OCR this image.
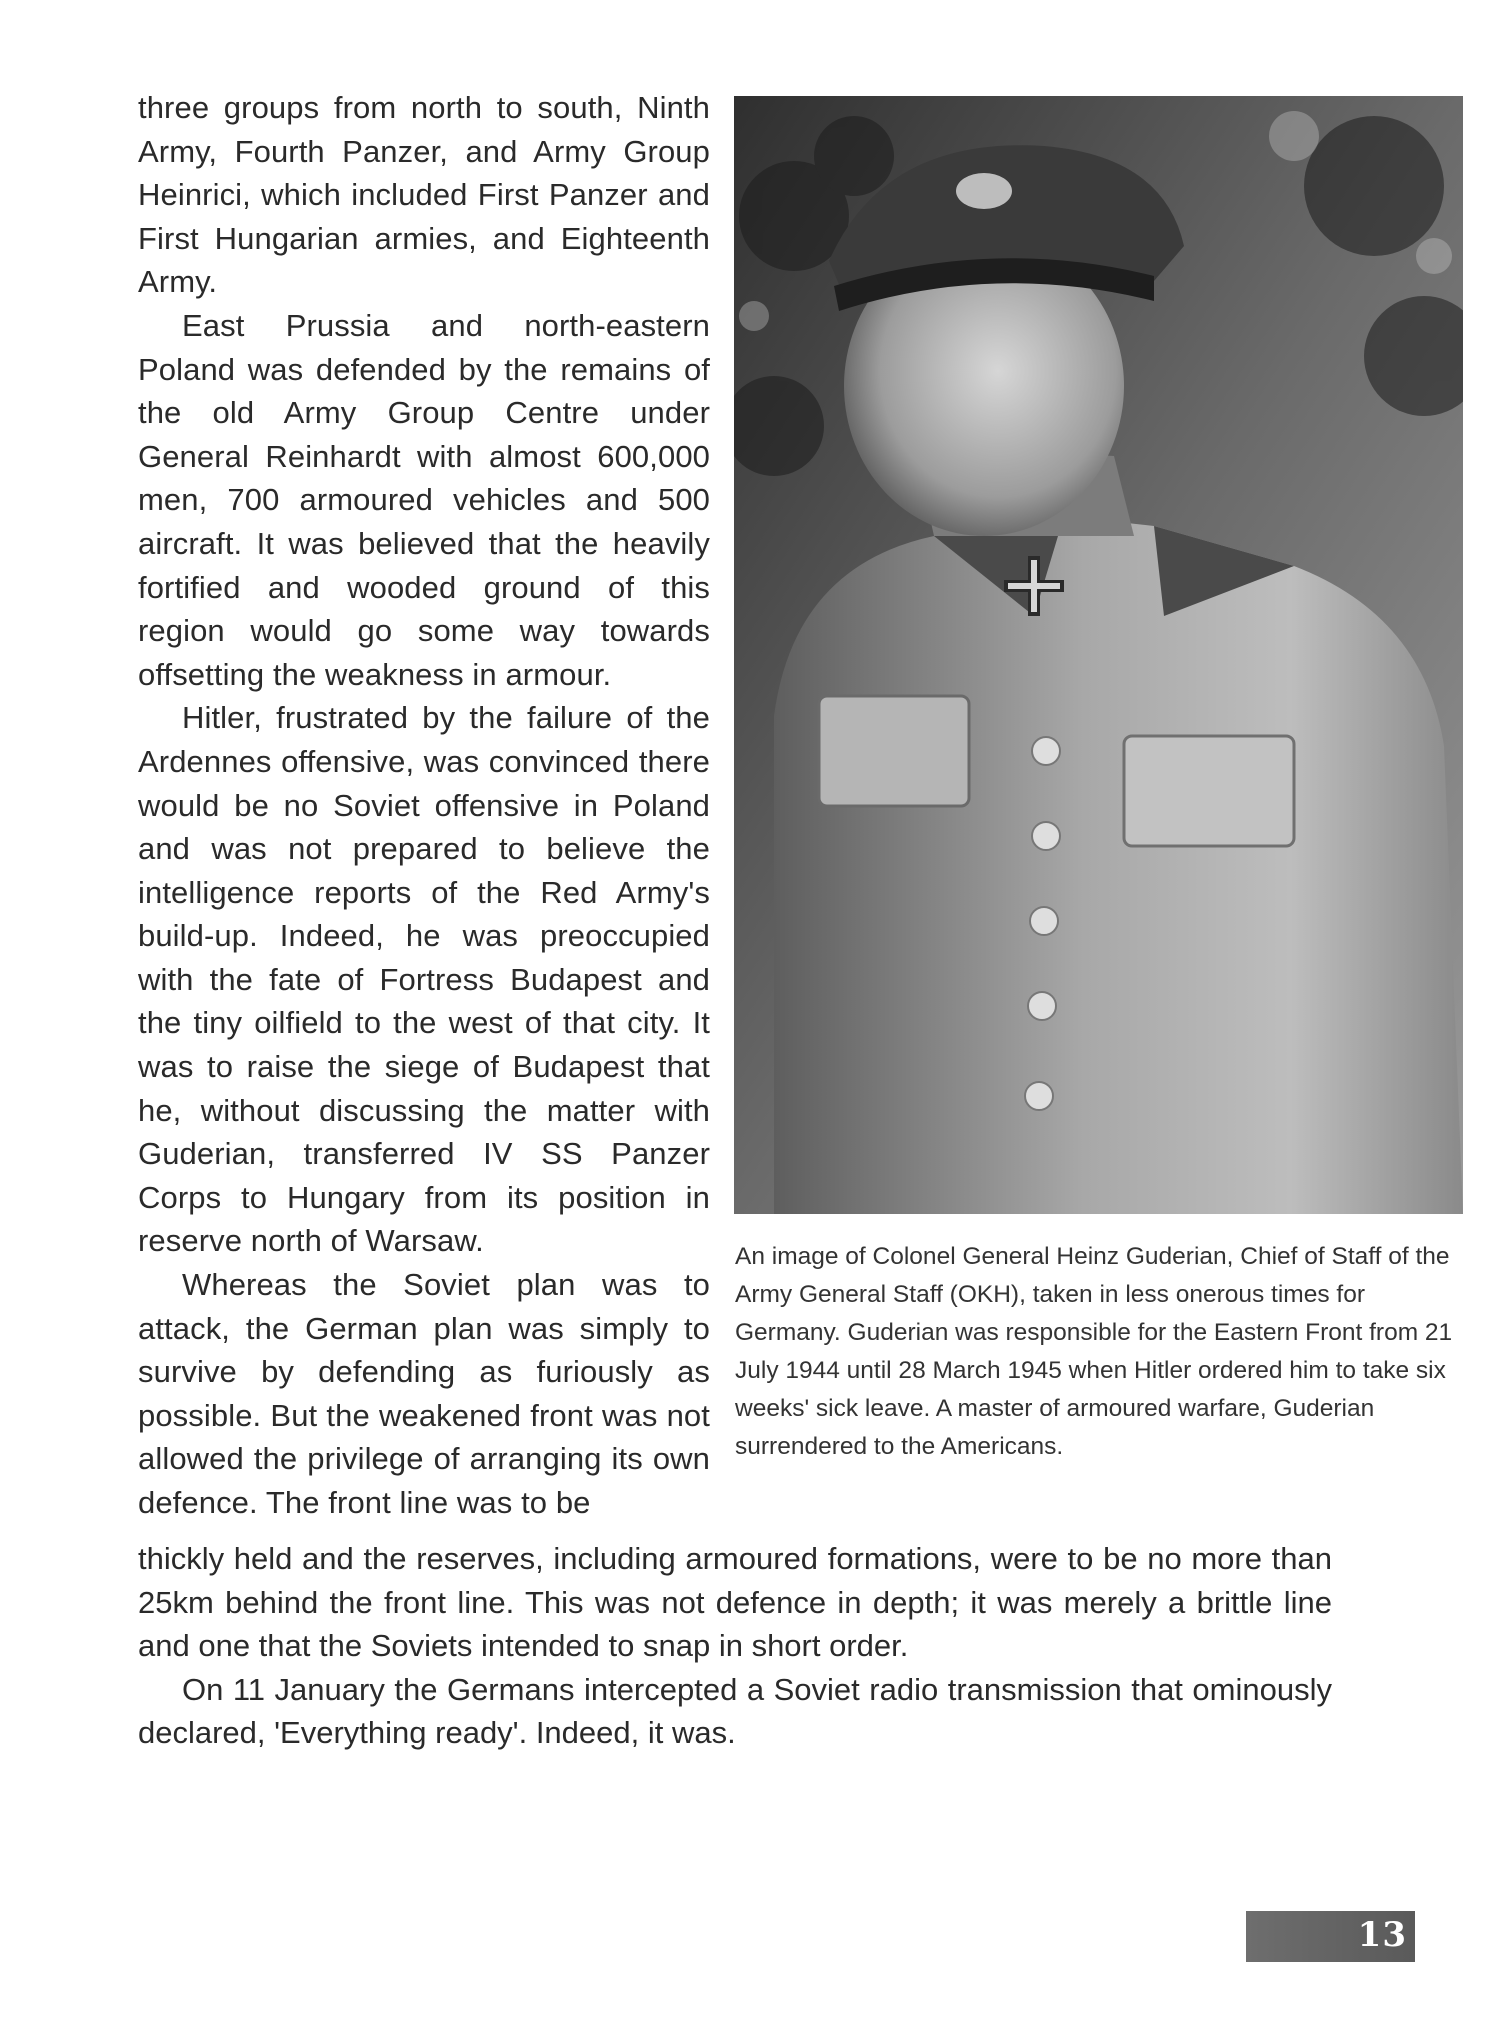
three groups from north to south, Ninth Army, Fourth Panzer, and Army Group Heinrici, which included First Panzer and First Hungarian armies, and Eighteenth Army.

East Prussia and north-eastern Poland was defended by the remains of the old Army Group Centre under General Reinhardt with almost 600,000 men, 700 armoured vehicles and 500 aircraft. It was believed that the heavily fortified and wooded ground of this region would go some way towards offsetting the weakness in armour.

Hitler, frustrated by the failure of the Ardennes offensive, was convinced there would be no Soviet offensive in Poland and was not prepared to believe the intelligence reports of the Red Army's build-up. Indeed, he was preoccupied with the fate of Fortress Budapest and the tiny oilfield to the west of that city. It was to raise the siege of Budapest that he, without discussing the matter with Guderian, transferred IV SS Panzer Corps to Hungary from its position in reserve north of Warsaw.

Whereas the Soviet plan was to attack, the German plan was simply to survive by defending as furiously as possible. But the weakened front was not allowed the privilege of arranging its own defence. The front line was to be

An image of Colonel General Heinz Guderian, Chief of Staff of the Army General Staff (OKH), taken in less onerous times for Germany. Guderian was responsible for the Eastern Front from 21 July 1944 until 28 March 1945 when Hitler ordered him to take six weeks' sick leave. A master of armoured warfare, Guderian surrendered to the Americans.

thickly held and the reserves, including armoured formations, were to be no more than 25km behind the front line. This was not defence in depth; it was merely a brittle line and one that the Soviets intended to snap in short order.

On 11 January the Germans intercepted a Soviet radio transmission that ominously declared, 'Everything ready'. Indeed, it was.

13
